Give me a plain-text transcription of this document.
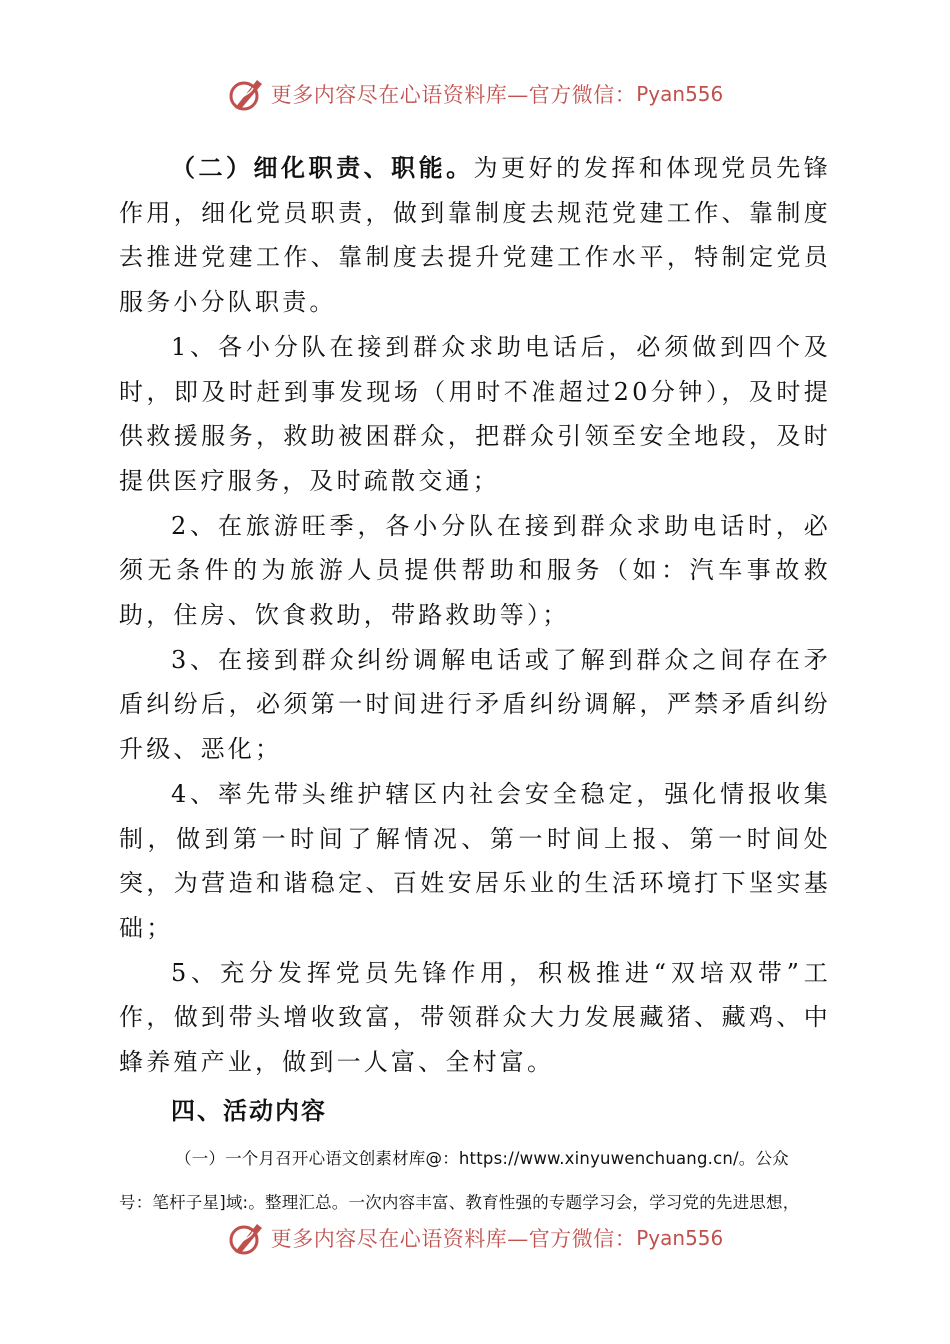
更多内容尽在心语资料库—官方微信： Pyan556

（二）细化职责、职能。为更好的发挥和体现党员先锋作用，细化党员职责，做到靠制度去规范党建工作、靠制度去推进党建工作、靠制度去提升党建工作水平，特制定党员服务小分队职责。

1、各小分队在接到群众求助电话后，必须做到四个及时，即及时赶到事发现场（用时不准超过20分钟），及时提供救援服务，救助被困群众，把群众引领至安全地段，及时提供医疗服务，及时疏散交通；

2、在旅游旺季，各小分队在接到群众求助电话时，必须无条件的为旅游人员提供帮助和服务（如：汽车事故救助，住房、饮食救助，带路救助等）；

3、在接到群众纠纷调解电话或了解到群众之间存在矛盾纠纷后，必须第一时间进行矛盾纠纷调解，严禁矛盾纠纷升级、恶化；

4、率先带头维护辖区内社会安全稳定，强化情报收集制，做到第一时间了解情况、第一时间上报、第一时间处突，为营造和谐稳定、百姓安居乐业的生活环境打下坚实基础；

5、充分发挥党员先锋作用，积极推进“双培双带”工作，做到带头增收致富，带领群众大力发展藏猪、藏鸡、中蜂养殖产业，做到一人富、全村富。

四、活动内容

（一）一个月召开心语文创素材库@：https://www.xinyuwenchuang.cn/。公众

号：笔杆子星]域:。整理汇总。一次内容丰富、教育性强的专题学习会，学习党的先进思想，

更多内容尽在心语资料库—官方微信： Pyan556
